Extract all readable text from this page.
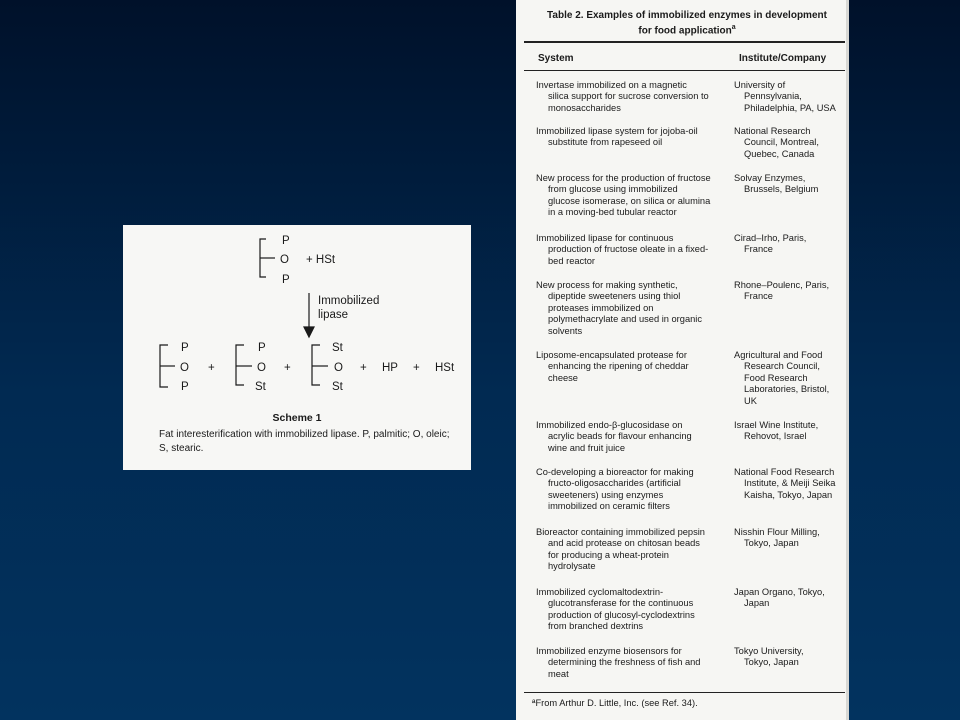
P
O
P
+ HSt
Immobilized
lipase
P
O
P
+
P
O
St
+
St
O
St
+ HP + HSt
Scheme 1
Fat interesterification with immobilized lipase. P, palmitic; O, oleic; S, stearic.
Table 2. Examples of immobilized enzymes in development
for food application$^a$
System	Institute/Company
Invertase immobilized on a magnetic
silica support for sucrose conversion to
monosaccharides
University of
Pennsylvania,
Philadelphia, PA, USA
Immobilized lipase system for jojoba-oil
substitute from rapeseed oil
National Research
Council, Montreal,
Quebec, Canada
New process for the production of fructose
from glucose using immobilized
glucose isomerase, on silica or alumina
in a moving-bed tubular reactor
Solvay Enzymes,
Brussels, Belgium
Immobilized lipase for continuous
production of fructose oleate in a fixed-
bed reactor
Cirad–Irho, Paris,
France
New process for making synthetic,
dipeptide sweeteners using thiol
proteases immobilized on
polymethacrylate and used in organic
solvents
Rhone–Poulenc, Paris,
France
Liposome-encapsulated protease for
enhancing the ripening of cheddar
cheese
Agricultural and Food
Research Council,
Food Research
Laboratories, Bristol,
UK
Immobilized endo-β-glucosidase on
acrylic beads for flavour enhancing
wine and fruit juice
Israel Wine Institute,
Rehovot, Israel
Co-developing a bioreactor for making
fructo-oligosaccharides (artificial
sweeteners) using enzymes
immobilized on ceramic filters
National Food Research
Institute, & Meiji Seika
Kaisha, Tokyo, Japan
Bioreactor containing immobilized pepsin
and acid protease on chitosan beads
for producing a wheat-protein
hydrolysate
Nisshin Flour Milling,
Tokyo, Japan
Immobilized cyclomaltodextrin-
glucotransferase for the continuous
production of glucosyl-cyclodextrins
from branched dextrins
Japan Organo, Tokyo,
Japan
Immobilized enzyme biosensors for
determining the freshness of fish and
meat
Tokyo University,
Tokyo, Japan
ªFrom Arthur D. Little, Inc. (see Ref. 34).
